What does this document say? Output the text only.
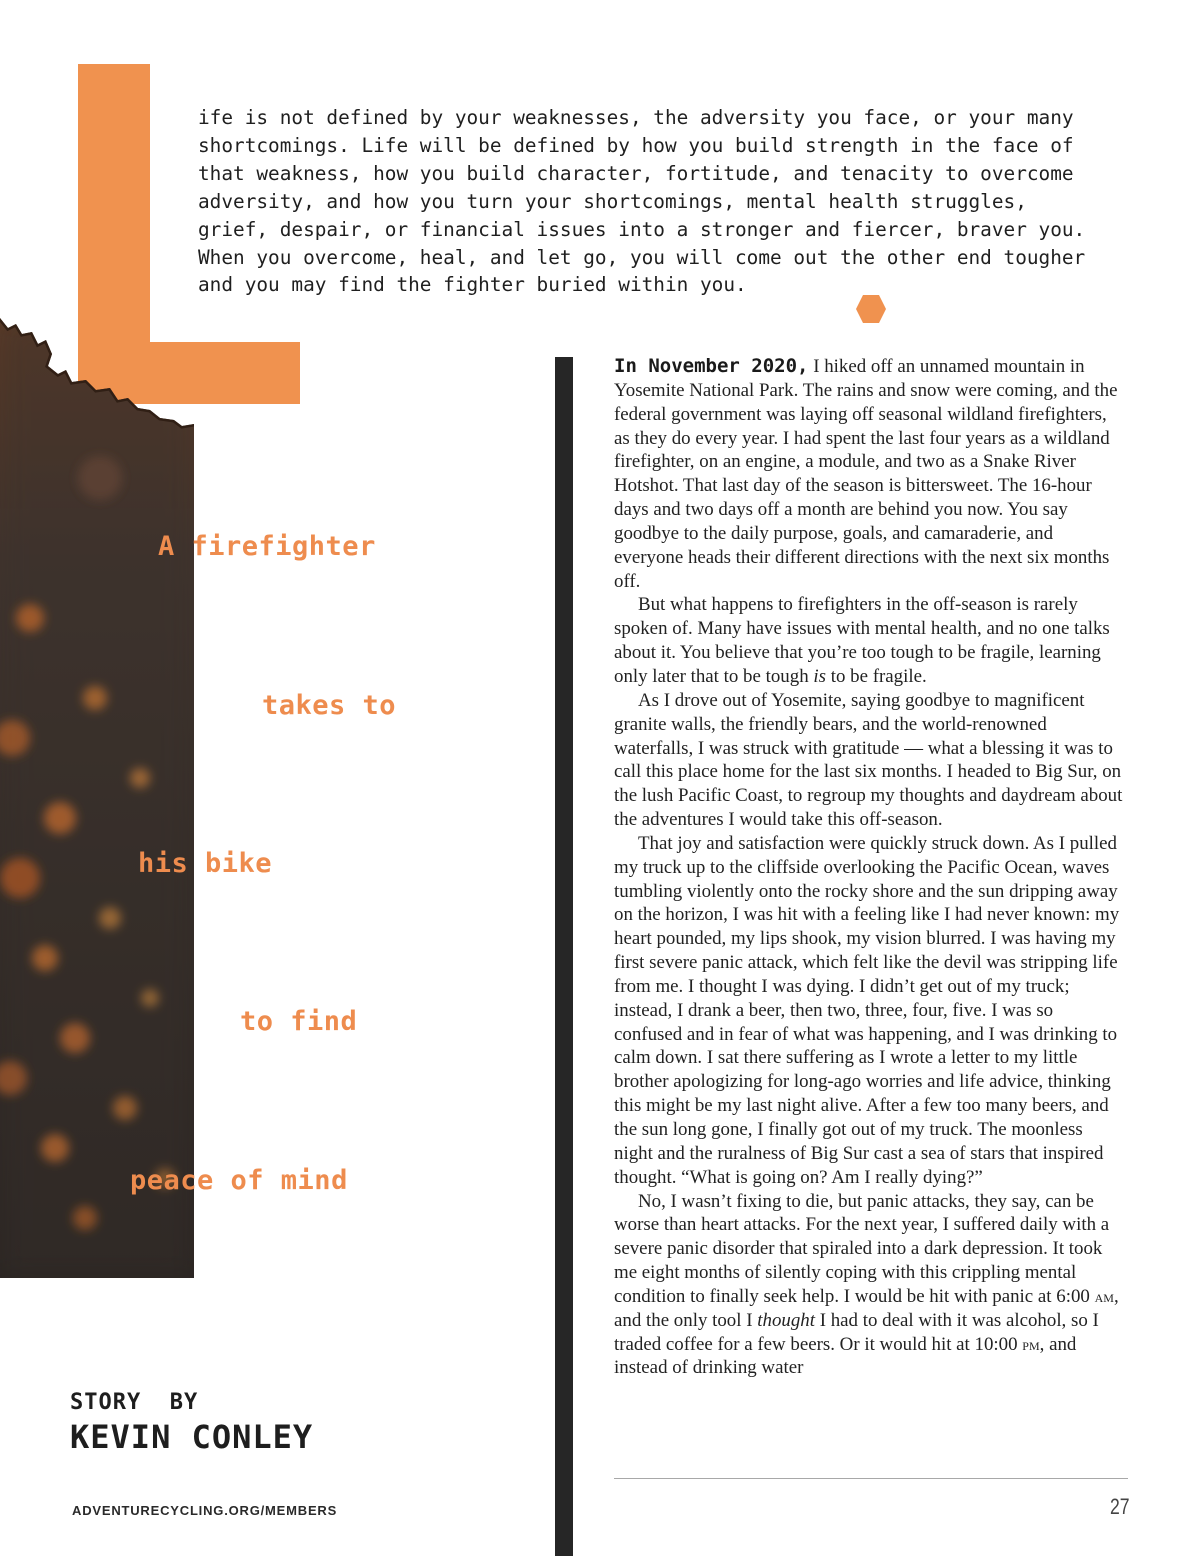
ife is not defined by your weaknesses, the adversity you face, or your many
shortcomings. Life will be defined by how you build strength in the face of
that weakness, how you build character, fortitude, and tenacity to overcome
adversity, and how you turn your shortcomings, mental health struggles,
grief, despair, or financial issues into a stronger and fiercer, braver you.
When you overcome, heal, and let go, you will come out the other end tougher
and you may find the fighter buried within you.

A firefighter

takes to

his bike

to find

peace of mind

STORY  BY

KEVIN CONLEY

ADVENTURECYCLING.ORG/MEMBERS

In November 2020, I hiked off an unnamed mountain in Yosemite National Park. The rains and snow were coming, and the federal government was laying off seasonal wildland firefighters, as they do every year. I had spent the last four years as a wildland firefighter, on an engine, a module, and two as a Snake River Hotshot. That last day of the season is bittersweet. The 16-hour days and two days off a month are behind you now. You say goodbye to the daily purpose, goals, and camaraderie, and everyone heads their different directions with the next six months off.

But what happens to firefighters in the off-season is rarely spoken of. Many have issues with mental health, and no one talks about it. You believe that you’re too tough to be fragile, learning only later that to be tough is to be fragile.

As I drove out of Yosemite, saying goodbye to magnificent granite walls, the friendly bears, and the world-renowned waterfalls, I was struck with gratitude — what a blessing it was to call this place home for the last six months. I headed to Big Sur, on the lush Pacific Coast, to regroup my thoughts and daydream about the adventures I would take this off-season.

That joy and satisfaction were quickly struck down. As I pulled my truck up to the cliffside overlooking the Pacific Ocean, waves tumbling violently onto the rocky shore and the sun dripping away on the horizon, I was hit with a feeling like I had never known: my heart pounded, my lips shook, my vision blurred. I was having my first severe panic attack, which felt like the devil was stripping life from me. I thought I was dying. I didn’t get out of my truck; instead, I drank a beer, then two, three, four, five. I was so confused and in fear of what was happening, and I was drinking to calm down. I sat there suffering as I wrote a letter to my little brother apologizing for long-ago worries and life advice, thinking this might be my last night alive. After a few too many beers, and the sun long gone, I finally got out of my truck. The moonless night and the ruralness of Big Sur cast a sea of stars that inspired thought. “What is going on? Am I really dying?”

No, I wasn’t fixing to die, but panic attacks, they say, can be worse than heart attacks. For the next year, I suffered daily with a severe panic disorder that spiraled into a dark depression. It took me eight months of silently coping with this crippling mental condition to finally seek help. I would be hit with panic at 6:00 am, and the only tool I thought I had to deal with it was alcohol, so I traded coffee for a few beers. Or it would hit at 10:00 pm, and instead of drinking water

27
